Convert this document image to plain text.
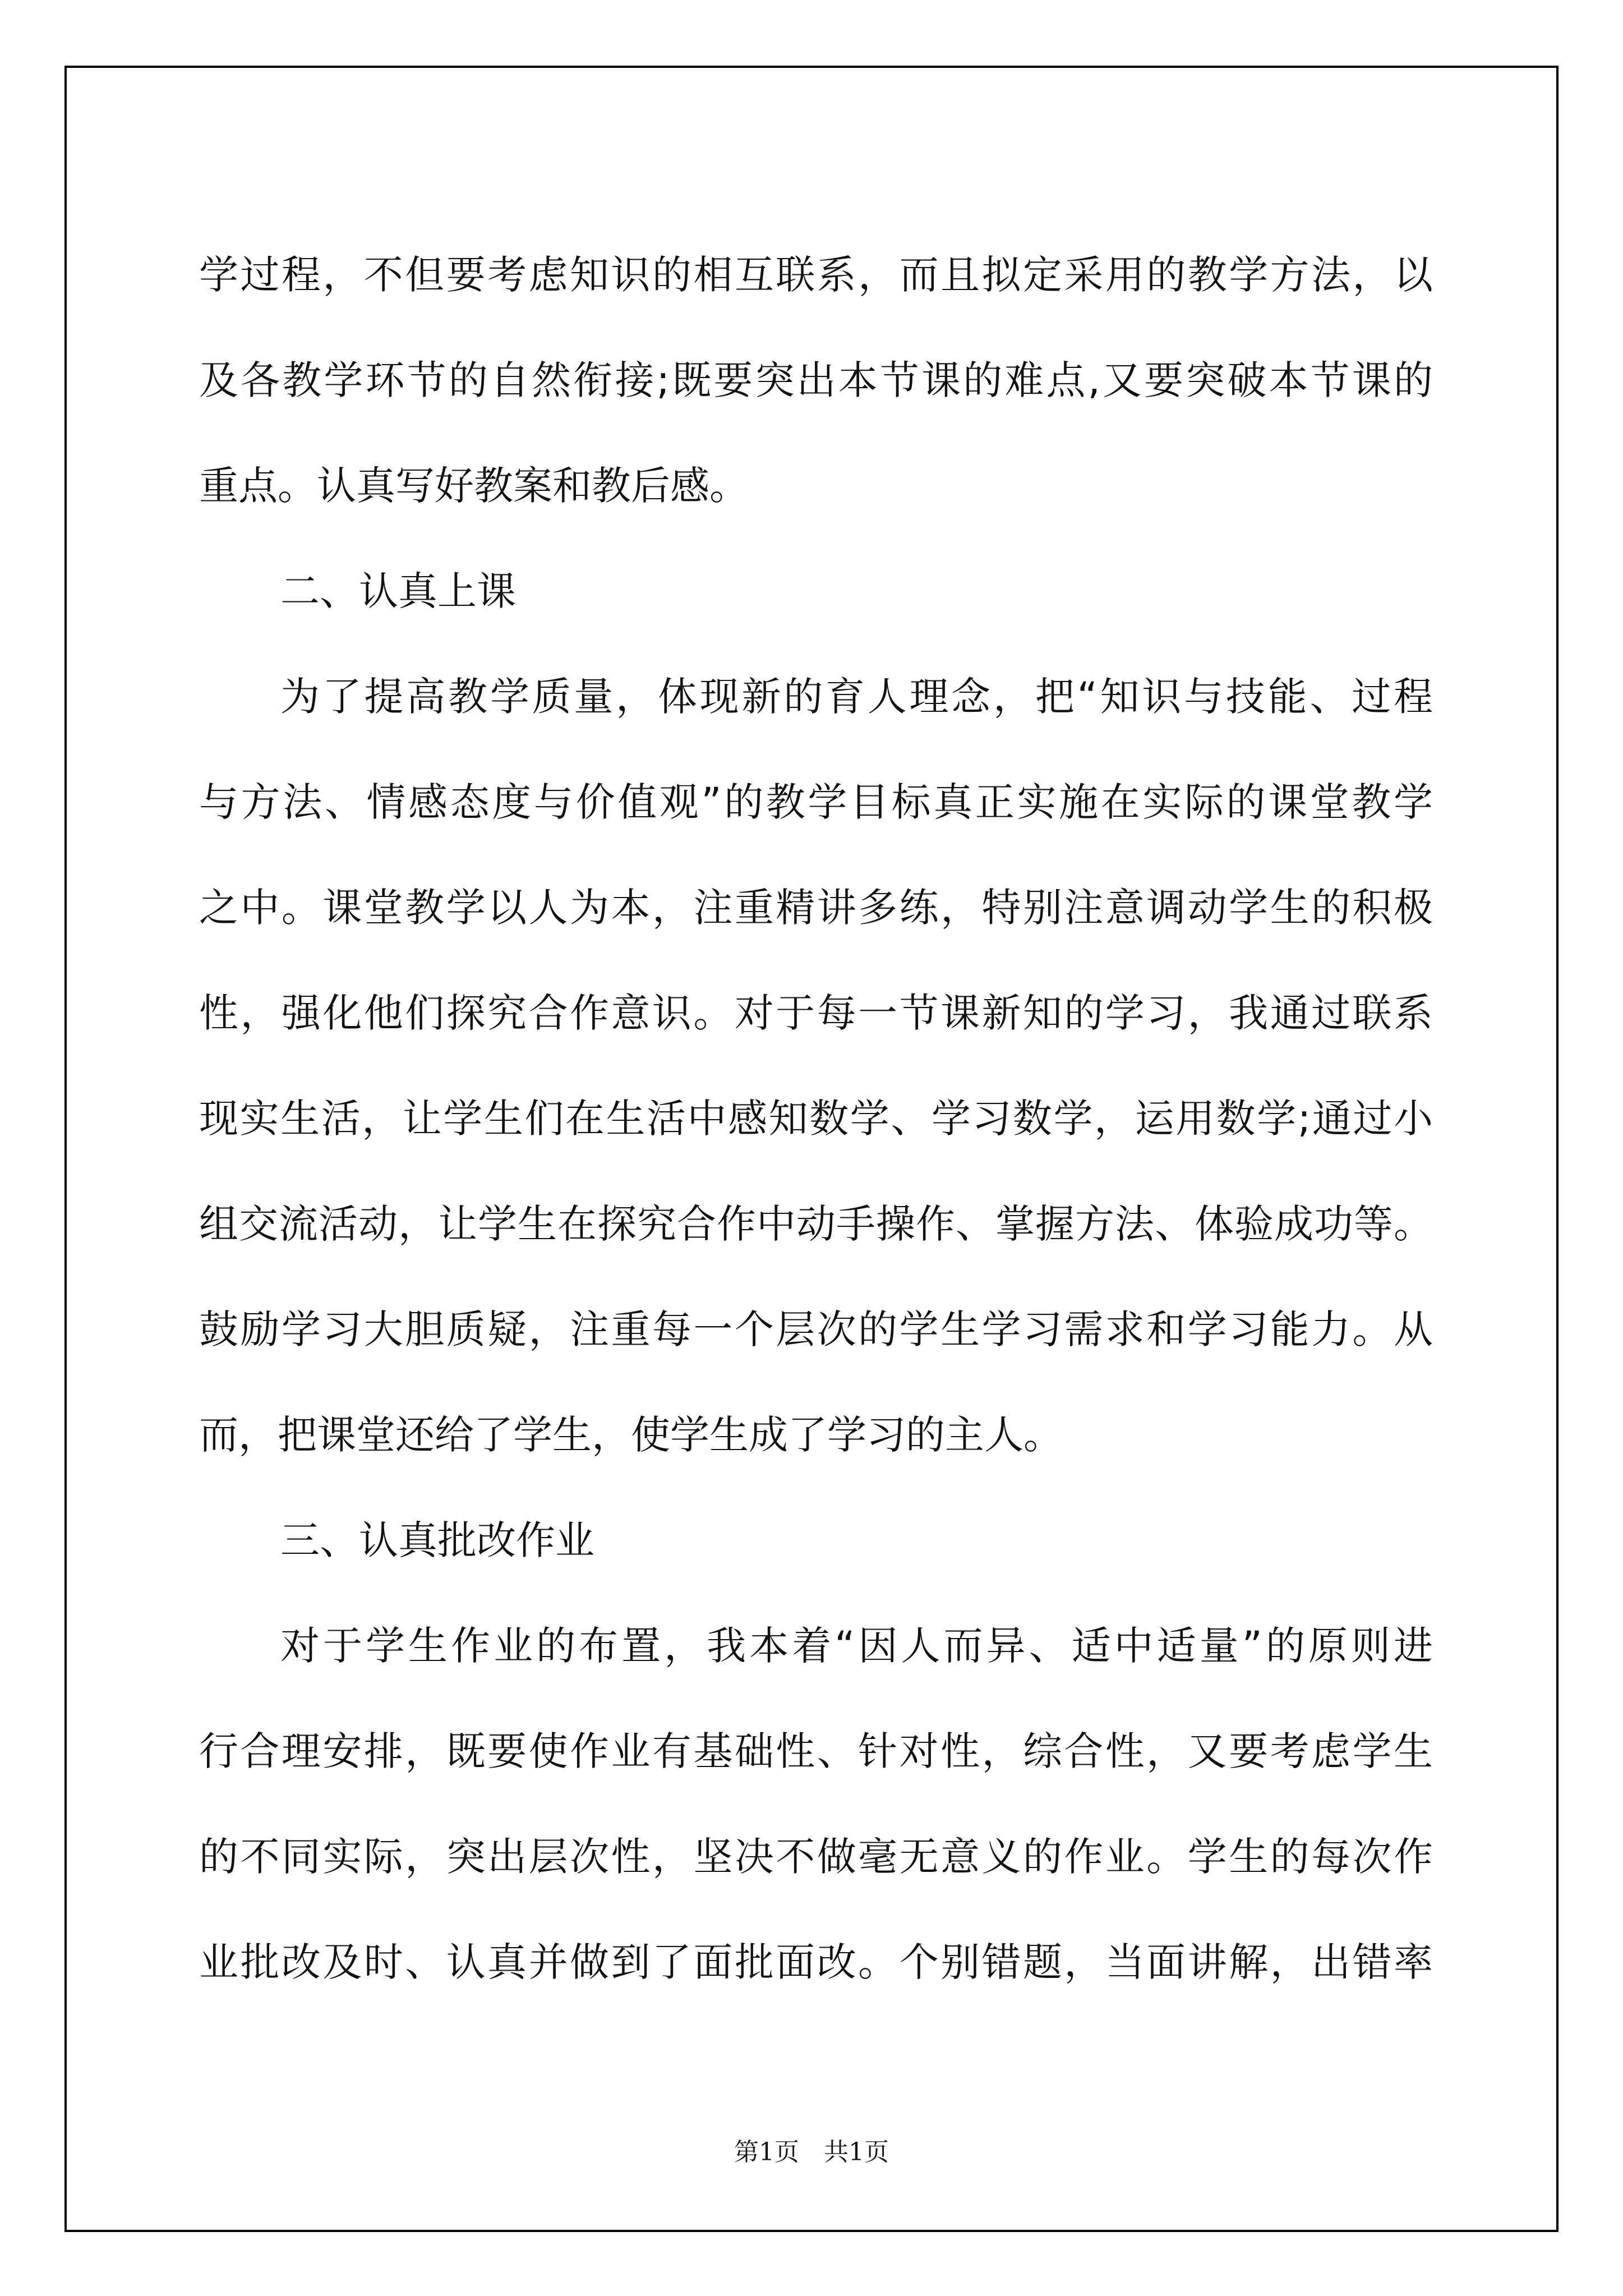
学过程，不但要考虑知识的相互联系，而且拟定采用的教学方法，以
及各教学环节的自然衔接;既要突出本节课的难点,又要突破本节课的
重点。认真写好教案和教后感。
二、认真上课
为了提高教学质量，体现新的育人理念，把“知识与技能、过程
与方法、情感态度与价值观”的教学目标真正实施在实际的课堂教学
之中。课堂教学以人为本，注重精讲多练，特别注意调动学生的积极
性，强化他们探究合作意识。对于每一节课新知的学习，我通过联系
现实生活，让学生们在生活中感知数学、学习数学，运用数学;通过小
组交流活动，让学生在探究合作中动手操作、掌握方法、体验成功等。
鼓励学习大胆质疑，注重每一个层次的学生学习需求和学习能力。从
而，把课堂还给了学生，使学生成了学习的主人。
三、认真批改作业
对于学生作业的布置，我本着“因人而异、适中适量”的原则进
行合理安排，既要使作业有基础性、针对性，综合性，又要考虑学生
的不同实际，突出层次性，坚决不做毫无意义的作业。学生的每次作
业批改及时、认真并做到了面批面改。个别错题，当面讲解，出错率
第1页　共1页
